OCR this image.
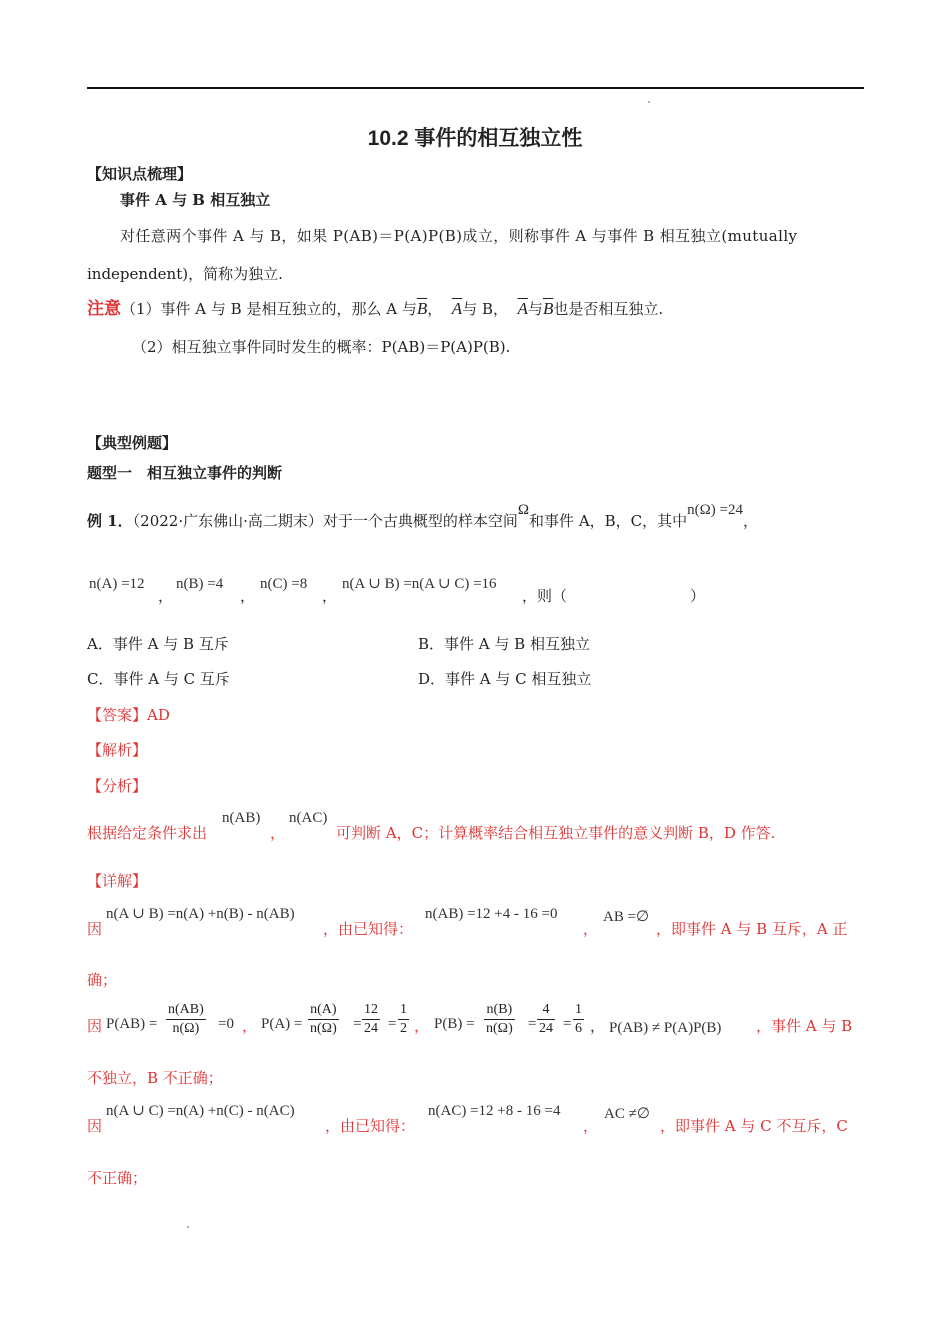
10.2 事件的相互独立性
【知识点梳理】
事件 A 与 B 相互独立
对任意两个事件 A 与 B，如果 P(AB)＝P(A)P(B)成立，则称事件 A 与事件 B 相互独立(mutually
independent)，简称为独立.
注意（1）事件 A 与 B 是相互独立的，那么 A 与$\overline{B}$， $\overline{A}$与 B， $\overline{A}$与$\overline{B}$也是否相互独立.
（2）相互独立事件同时发生的概率：P(AB)＝P(A)P(B).
【典型例题】
题型一　相互独立事件的判断
例 1．（2022·广东佛山·高二期末）对于一个古典概型的样本空间Ω和事件 A，B，C，其中n(Ω) =24，
n(A) =12
，
n(B) =4
，
n(C) =8
，
n(A ∪ B) =n(A ∪ C) =16
，则（	）
A．事件 A 与 B 互斥	B．事件 A 与 B 相互独立
C．事件 A 与 C 互斥	D．事件 A 与 C 相互独立
【答案】AD
【解析】
【分析】
n(AB) n(AC)
根据给定条件求出	，	可判断 A，C；计算概率结合相互独立事件的意义判断 B，D 作答.
【详解】
n(A ∪ B) =n(A) +n(B) - n(AB)
因	，由已知得：
n(AB) =12 +4 - 16 =0
，
AB =∅
，即事件 A 与 B 互斥，A 正
确；
因 $P(AB) = \frac{n(AB)}{n(\Omega)} =0$ ， $P(A) = \frac{n(A)}{n(\Omega)} = \frac{12}{24} = \frac{1}{2}$ ， $P(B) = \frac{n(B)}{n(\Omega)} = \frac{4}{24} = \frac{1}{6}$ ， P(AB) ≠ P(A)P(B) ，事件 A 与 B
不独立，B 不正确；
n(A ∪ C) =n(A) +n(C) - n(AC)
因	，由已知得：
n(AC) =12 +8 - 16 =4
，
AC ≠∅
，即事件 A 与 C 不互斥，C
不正确；
